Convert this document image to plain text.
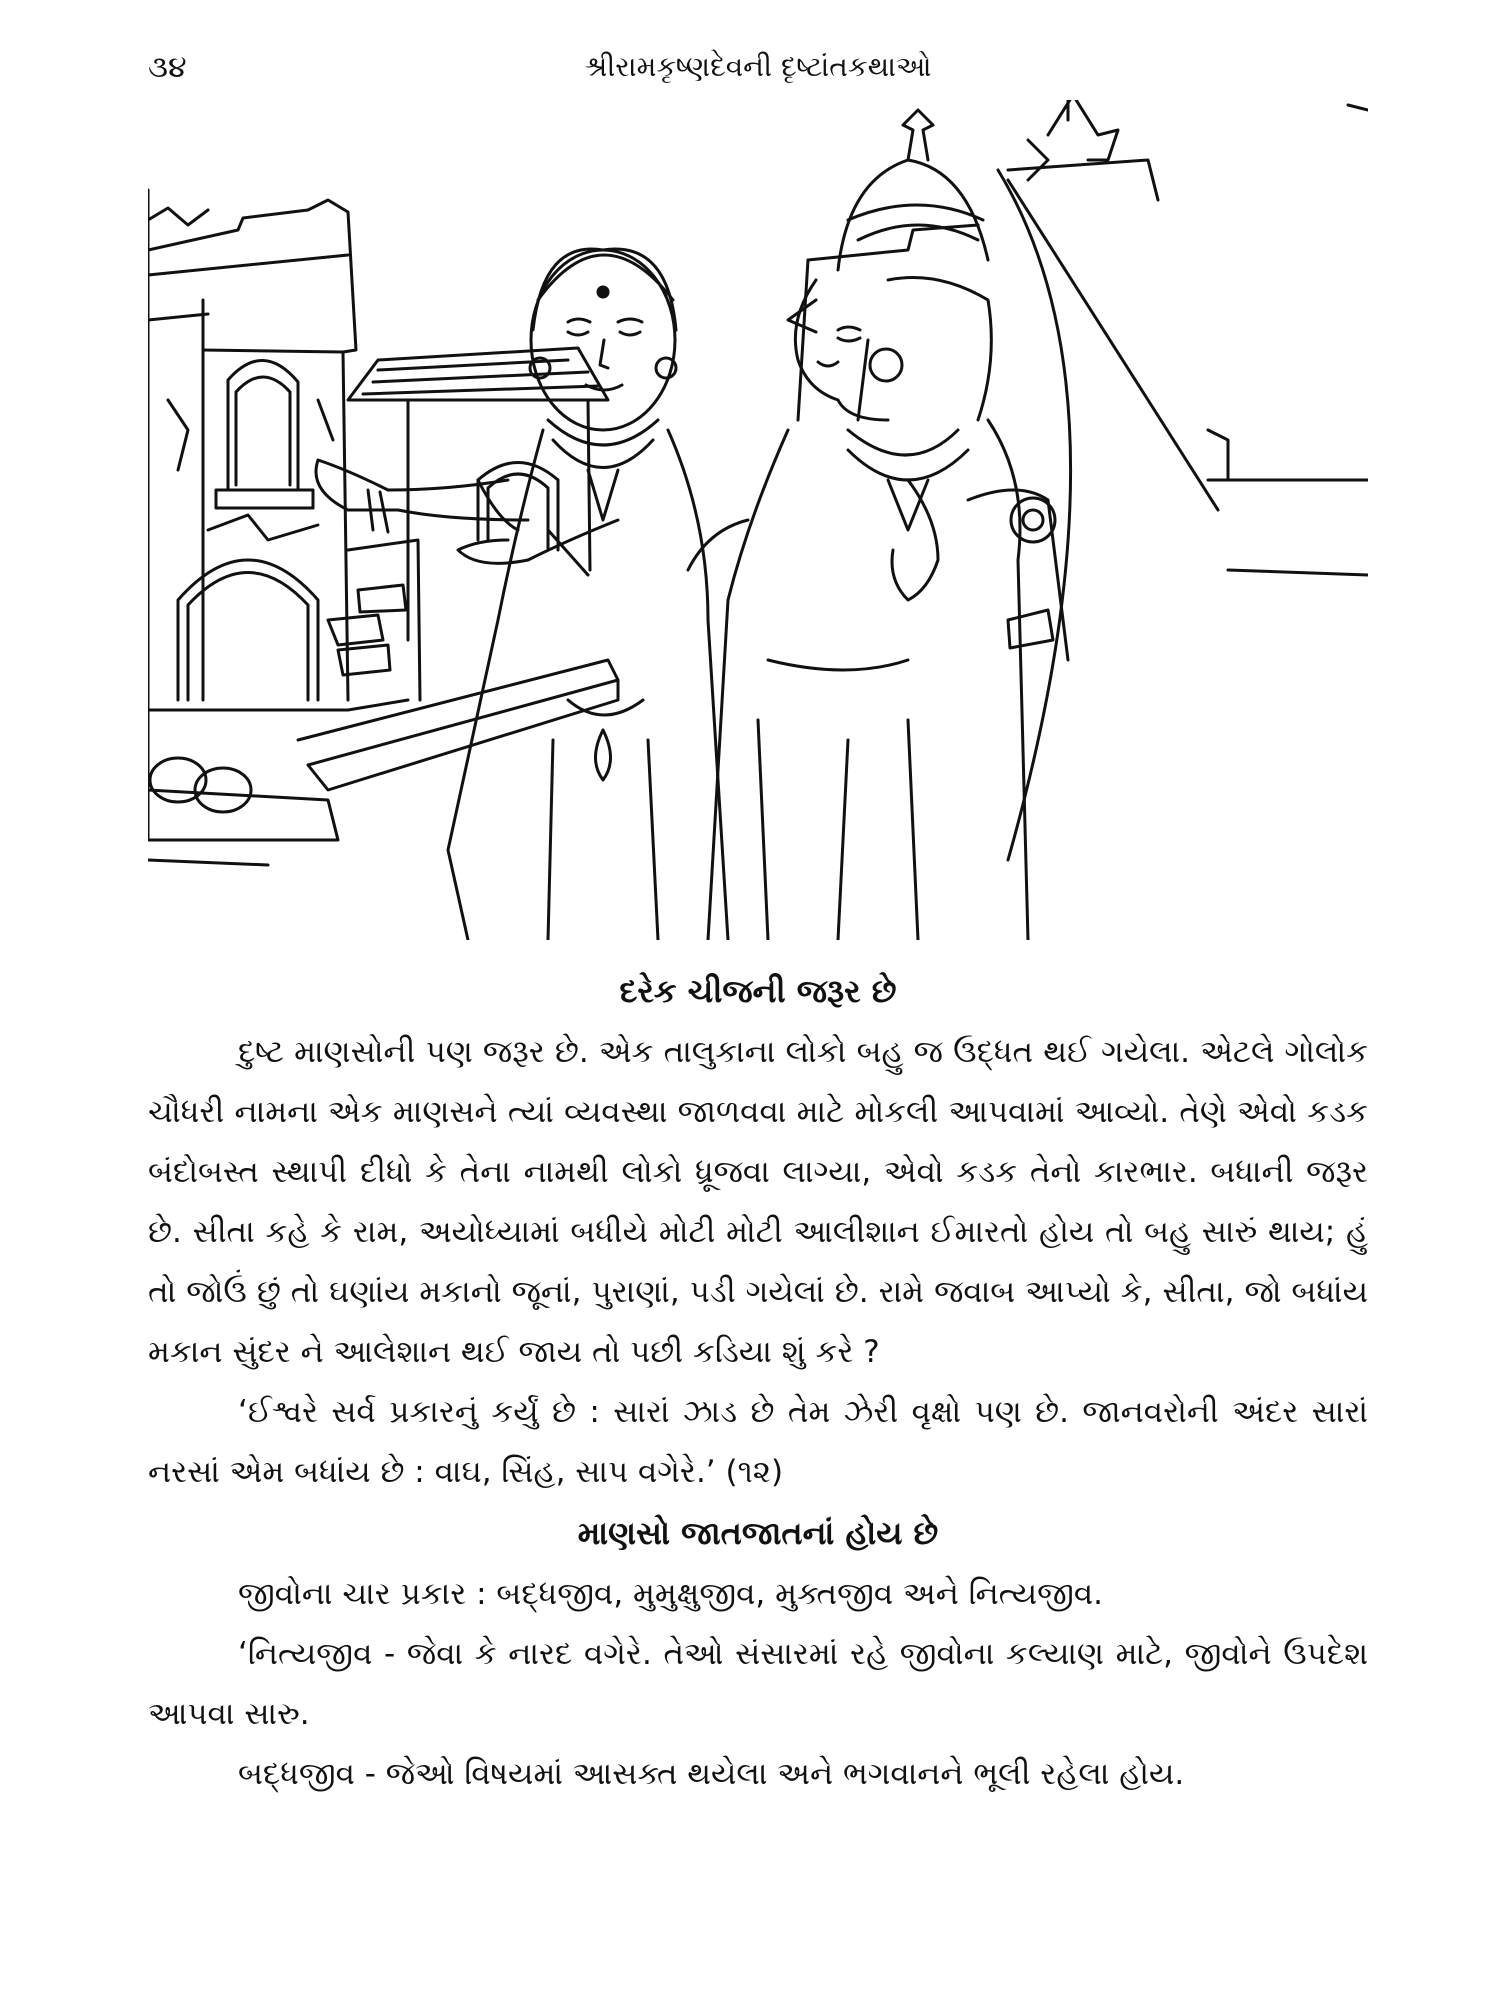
૩૪	શ્રીરામકૃષ્ણદેવની દૃષ્ટાંતકથાઓ
દરેક ચીજની જરૂર છે

દુષ્ટ માણસોની પણ જરૂર છે. એક તાલુકાના લોકો બહુ જ ઉદ્ધત થઈ ગયેલા. એટલે ગોલોક ચૌધરી નામના એક માણસને ત્યાં વ્યવસ્થા જાળવવા માટે મોકલી આપવામાં આવ્યો. તેણે એવો કડક બંદોબસ્ત સ્થાપી દીધો કે તેના નામથી લોકો ધ્રૂજવા લાગ્યા, એવો કડક તેનો કારભાર. બધાની જરૂર છે. સીતા કહે કે રામ, અયોધ્યામાં બધીયે મોટી મોટી આલીશાન ઈમારતો હોય તો બહુ સારું થાય; હું તો જોઉં છું તો ઘણાંય મકાનો જૂનાં, પુરાણાં, પડી ગયેલાં છે. રામે જવાબ આપ્યો કે, સીતા, જો બધાંય મકાન સુંદર ને આલેશાન થઈ જાય તો પછી કડિયા શું કરે ?

‘ઈશ્વરે સર્વ પ્રકારનું કર્યું છે : સારાં ઝાડ છે તેમ ઝેરી વૃક્ષો પણ છે. જાનવરોની અંદર સારાં નરસાં એમ બધાંય છે : વાઘ, સિંહ, સાપ વગેરે.’ (૧૨)

માણસો જાતજાતનાં હોય છે

જીવોના ચાર પ્રકાર : બદ્ધજીવ, મુમુક્ષુજીવ, મુક્તજીવ અને નિત્યજીવ.

‘નિત્યજીવ - જેવા કે નારદ વગેરે. તેઓ સંસારમાં રહે જીવોના કલ્યાણ માટે, જીવોને ઉપદેશ આપવા સારુ.

બદ્ધજીવ - જેઓ વિષયમાં આસક્ત થયેલા અને ભગવાનને ભૂલી રહેલા હોય.
